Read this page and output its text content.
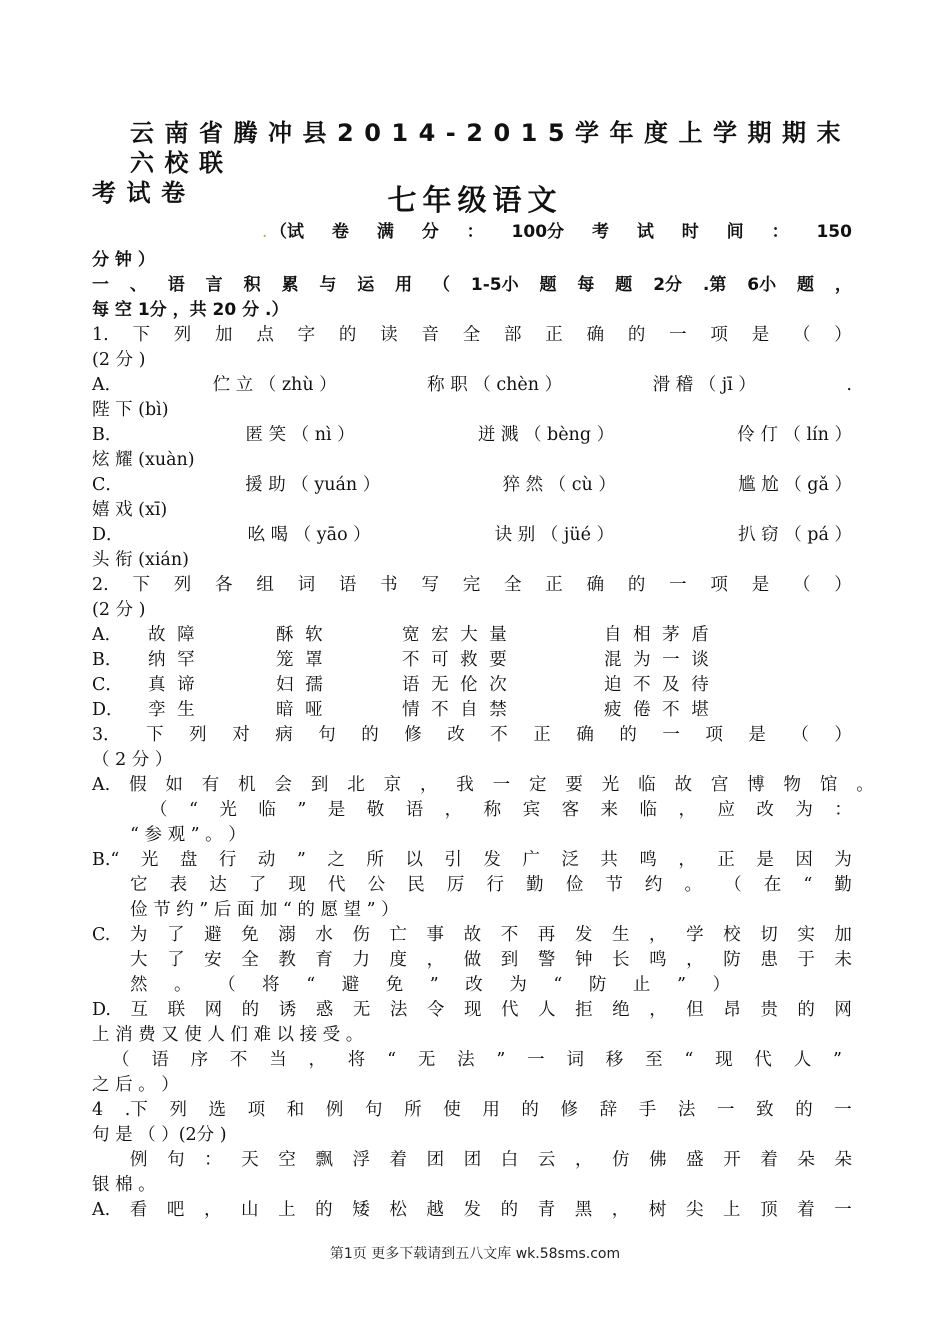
云南省腾冲县2014-2015学年度上学期期末六校联
考试卷	七年级语文
（试 卷 满 分 ： 100分 考 试 时 间 ： 150
.
分 钟 ）
一 、 语 言 积 累 与 运 用 （ 1-5小 题 每 题 2分 .第 6小 题 ，
每 空 1分 ，共 20 分 .）
1. 下 列 加 点 字 的 读 音 全 部 正 确 的 一 项 是 （ ）
(2 分 )
A．	伫 立 （ zhù ）	称 职 （ chèn ）	滑 稽 （ jī ）	.
陛 下 (bì)
B．	匿 笑 （ nì ）	迸 溅 （ bèng ）	伶 仃 （ lín ）
炫 耀 (xuàn)
C．	援 助 （ yuán ）	猝 然 （ cù ）	尴 尬 （ gǎ ）
嬉 戏 (xī)
D．	吆 喝 （ yāo ）	诀 别 （ jüé ）	扒 窃 （ pá ）
头 衔 (xián)
2. 下 列 各 组 词 语 书 写 完 全 正 确 的 一 项 是 （ ）
(2 分 )
A． 故 障	酥 软	宽 宏 大 量	自 相 茅 盾
B． 纳 罕	笼 罩	不 可 救 要	混 为 一 谈
C． 真 谛	妇 孺	语 无 伦 次	迫 不 及 待
D． 孪 生	暗 哑	情 不 自 禁	疲 倦 不 堪
3． 下 列 对 病 句 的 修 改 不 正 确 的 一 项 是 （ ）
（ 2 分 ）
A. 假 如 有 机 会 到 北 京 ， 我 一 定 要 光 临 故 宫 博 物 馆 。
（ “ 光 临 ” 是 敬 语 ， 称 宾 客 来 临 ， 应 改 为 ：
“ 参 观 ” 。 ）
B.“ 光 盘 行 动 ” 之 所 以 引 发 广 泛 共 鸣 ， 正 是 因 为
它 表 达 了 现 代 公 民 厉 行 勤 俭 节 约 。 （ 在 “ 勤
俭 节 约 ” 后 面 加 “ 的 愿 望 ” ）
C. 为 了 避 免 溺 水 伤 亡 事 故 不 再 发 生 ， 学 校 切 实 加
大 了 安 全 教 育 力 度 ， 做 到 警 钟 长 鸣 ， 防 患 于 未
然 。 （ 将 “ 避 免 ” 改 为 “ 防 止 ” ）
D. 互 联 网 的 诱 惑 无 法 令 现 代 人 拒 绝 ， 但 昂 贵 的 网
上 消 费 又 使 人 们 难 以 接 受 。
（ 语 序 不 当 ， 将 “ 无 法 ” 一 词 移 至 “ 现 代 人 ”
之 后 。 ）
4 .下 列 选 项 和 例 句 所 使 用 的 修 辞 手 法 一 致 的 一
句 是 （ ）(2分 )
例 句 ： 天 空 飘 浮 着 团 团 白 云 ， 仿 佛 盛 开 着 朵 朵
银 棉 。
A. 看 吧 ， 山 上 的 矮 松 越 发 的 青 黑 ， 树 尖 上 顶 着 一
第1页 更多下载请到五八文库 wk.58sms.com
